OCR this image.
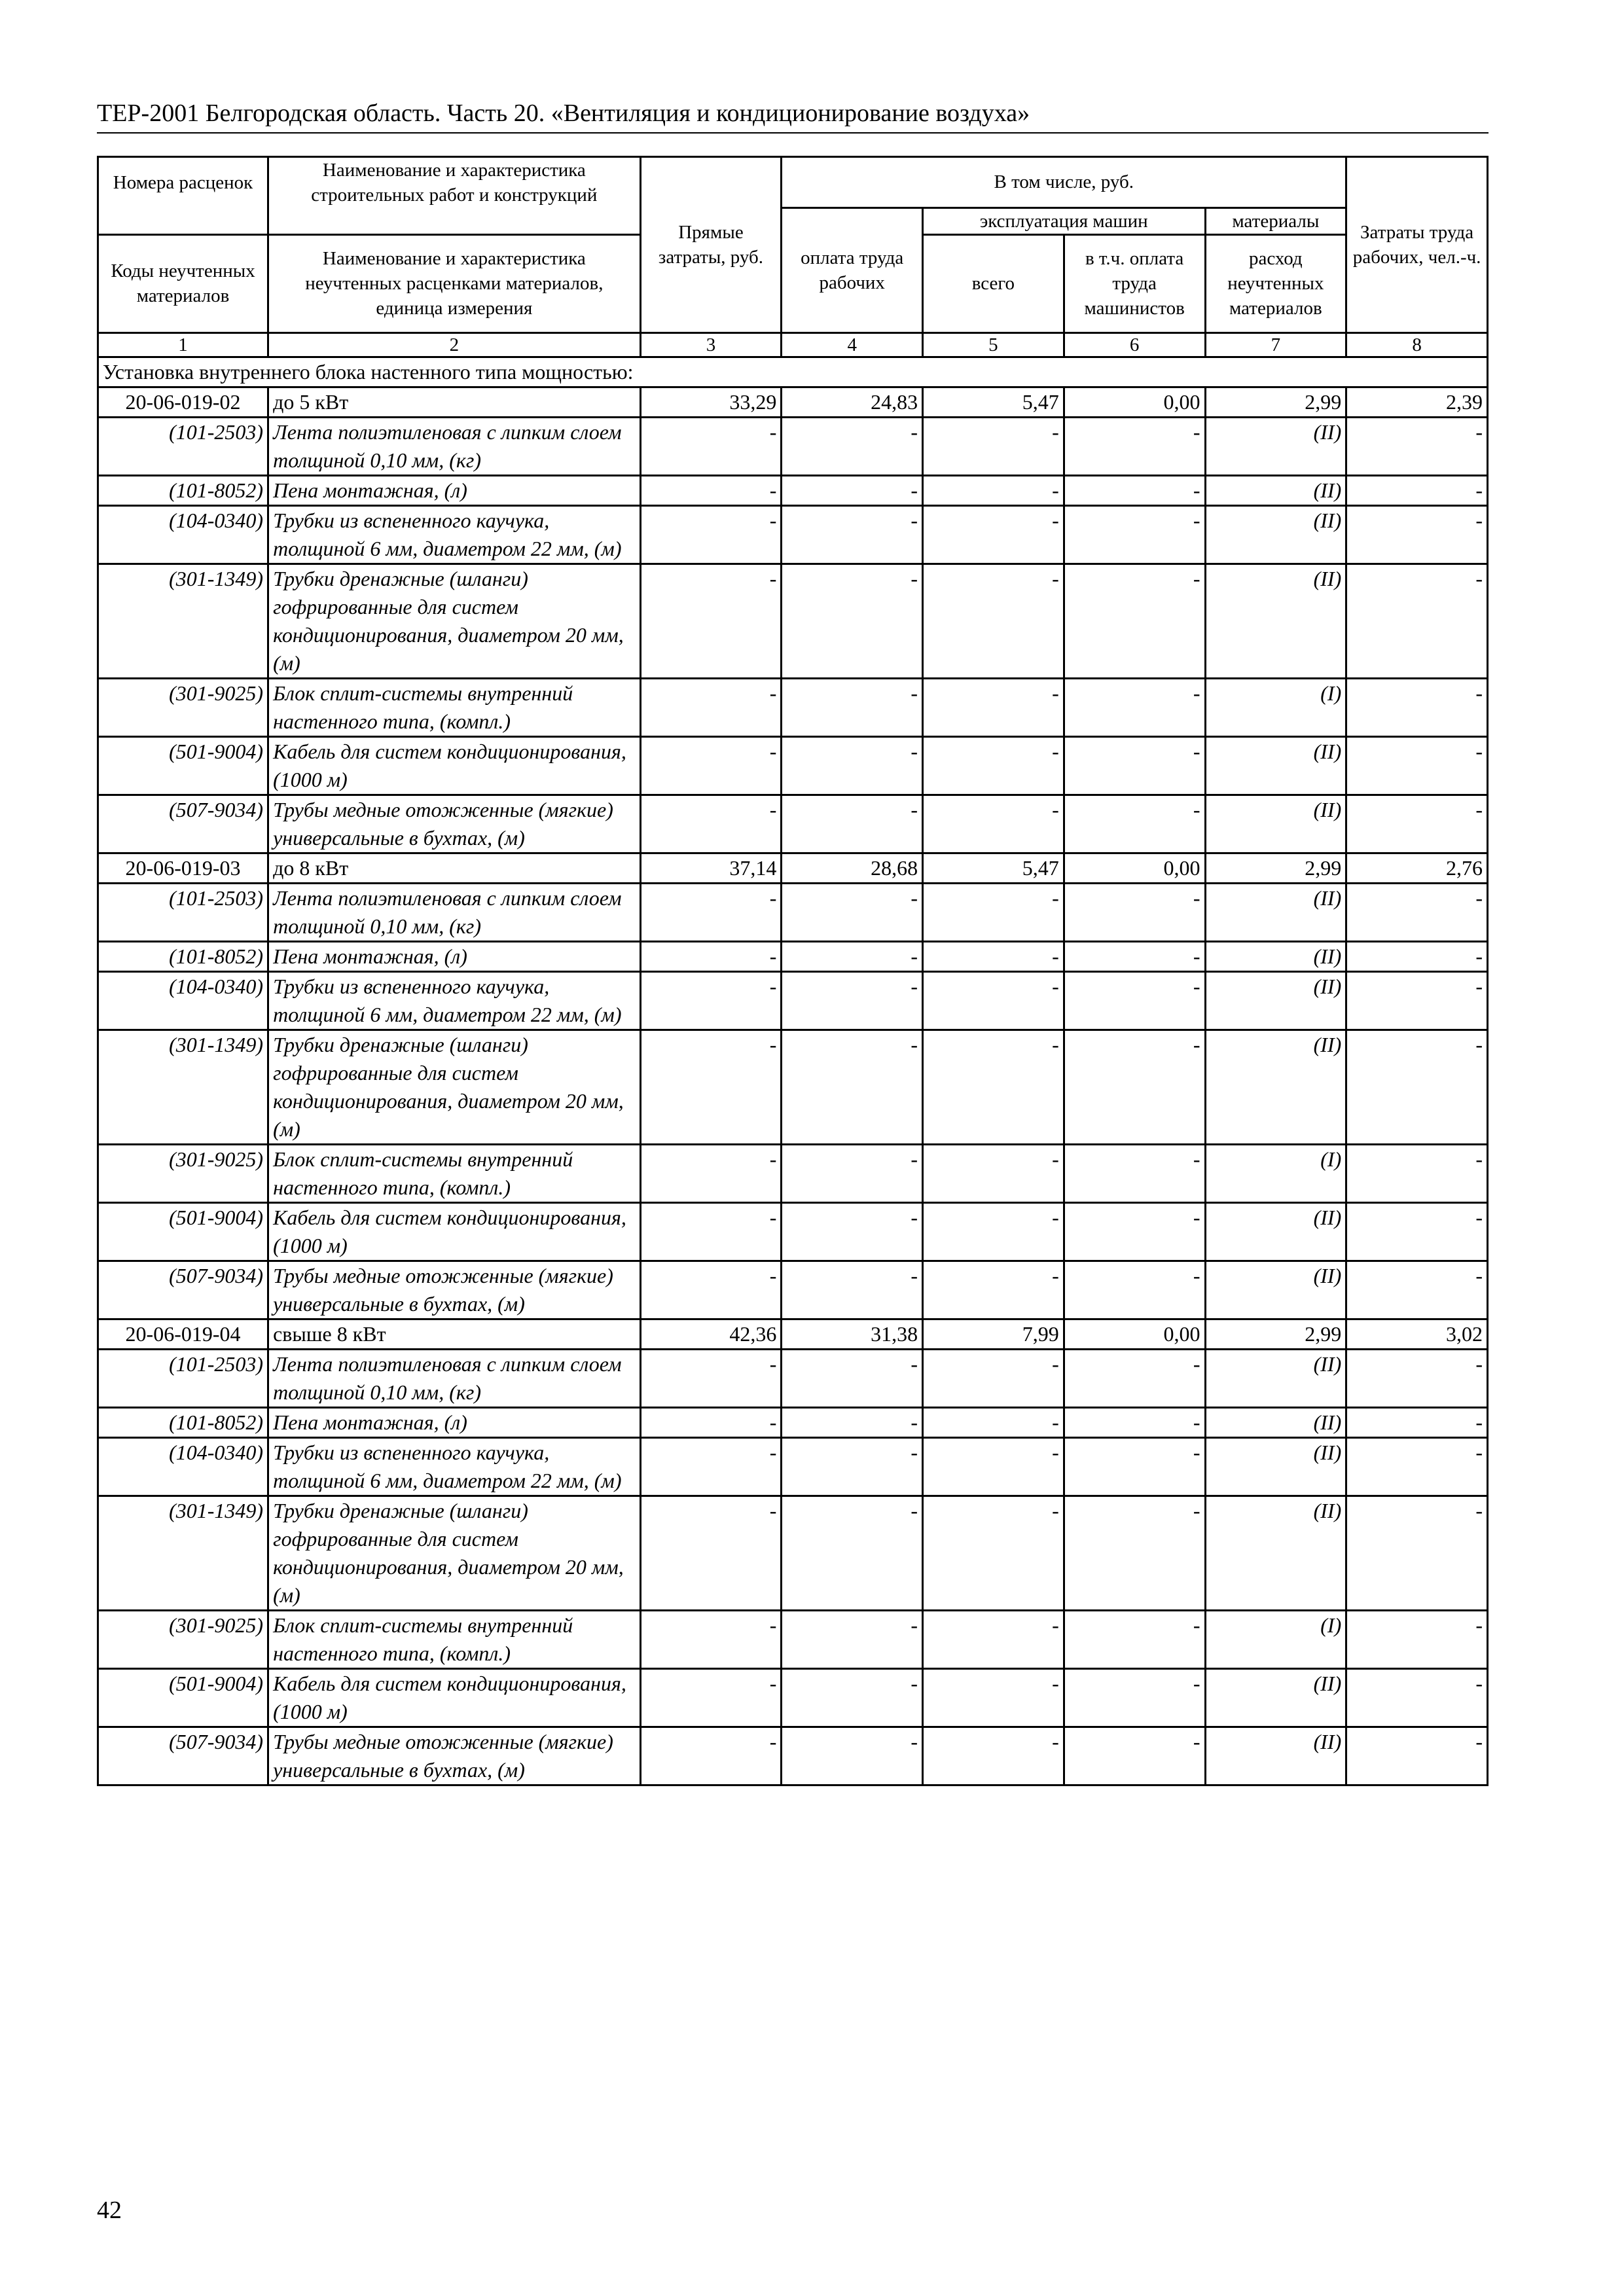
ТЕР-2001 Белгородская область. Часть 20. «Вентиляция и кондиционирование воздуха»
Номера расценок	Наименование и характеристика строительных работ и конструкций	Прямые затраты, руб.	В том числе, руб.				Затраты труда рабочих, чел.-ч.
			оплата труда рабочих	эксплуатация машин		материалы	
Коды неучтенных материалов	Наименование и характеристика неучтенных расценками материалов, единица измерения			всего	в т.ч. оплата труда машинистов	расход неучтенных материалов	
1	2	3	4	5	6	7	8
Установка внутреннего блока настенного типа мощностью:							
20-06-019-02	до 5 кВт	33,29	24,83	5,47	0,00	2,99	2,39
(101-2503)	Лента полиэтиленовая с липким слоем толщиной 0,10 мм, (кг)	-	-	-	-	(II)	-
(101-8052)	Пена монтажная, (л)	-	-	-	-	(II)	-
(104-0340)	Трубки из вспененного каучука, толщиной 6 мм, диаметром 22 мм, (м)	-	-	-	-	(II)	-
(301-1349)	Трубки дренажные (шланги) гофрированные для систем кондиционирования, диаметром 20 мм, (м)	-	-	-	-	(II)	-
(301-9025)	Блок сплит-системы внутренний настенного типа, (компл.)	-	-	-	-	(I)	-
(501-9004)	Кабель для систем кондиционирования, (1000 м)	-	-	-	-	(II)	-
(507-9034)	Трубы медные отожженные (мягкие) универсальные в бухтах, (м)	-	-	-	-	(II)	-
20-06-019-03	до 8 кВт	37,14	28,68	5,47	0,00	2,99	2,76
(101-2503)	Лента полиэтиленовая с липким слоем толщиной 0,10 мм, (кг)	-	-	-	-	(II)	-
(101-8052)	Пена монтажная, (л)	-	-	-	-	(II)	-
(104-0340)	Трубки из вспененного каучука, толщиной 6 мм, диаметром 22 мм, (м)	-	-	-	-	(II)	-
(301-1349)	Трубки дренажные (шланги) гофрированные для систем кондиционирования, диаметром 20 мм, (м)	-	-	-	-	(II)	-
(301-9025)	Блок сплит-системы внутренний настенного типа, (компл.)	-	-	-	-	(I)	-
(501-9004)	Кабель для систем кондиционирования, (1000 м)	-	-	-	-	(II)	-
(507-9034)	Трубы медные отожженные (мягкие) универсальные в бухтах, (м)	-	-	-	-	(II)	-
20-06-019-04	свыше 8 кВт	42,36	31,38	7,99	0,00	2,99	3,02
(101-2503)	Лента полиэтиленовая с липким слоем толщиной 0,10 мм, (кг)	-	-	-	-	(II)	-
(101-8052)	Пена монтажная, (л)	-	-	-	-	(II)	-
(104-0340)	Трубки из вспененного каучука, толщиной 6 мм, диаметром 22 мм, (м)	-	-	-	-	(II)	-
(301-1349)	Трубки дренажные (шланги) гофрированные для систем кондиционирования, диаметром 20 мм, (м)	-	-	-	-	(II)	-
(301-9025)	Блок сплит-системы внутренний настенного типа, (компл.)	-	-	-	-	(I)	-
(501-9004)	Кабель для систем кондиционирования, (1000 м)	-	-	-	-	(II)	-
(507-9034)	Трубы медные отожженные (мягкие) универсальные в бухтах, (м)	-	-	-	-	(II)	-
42
